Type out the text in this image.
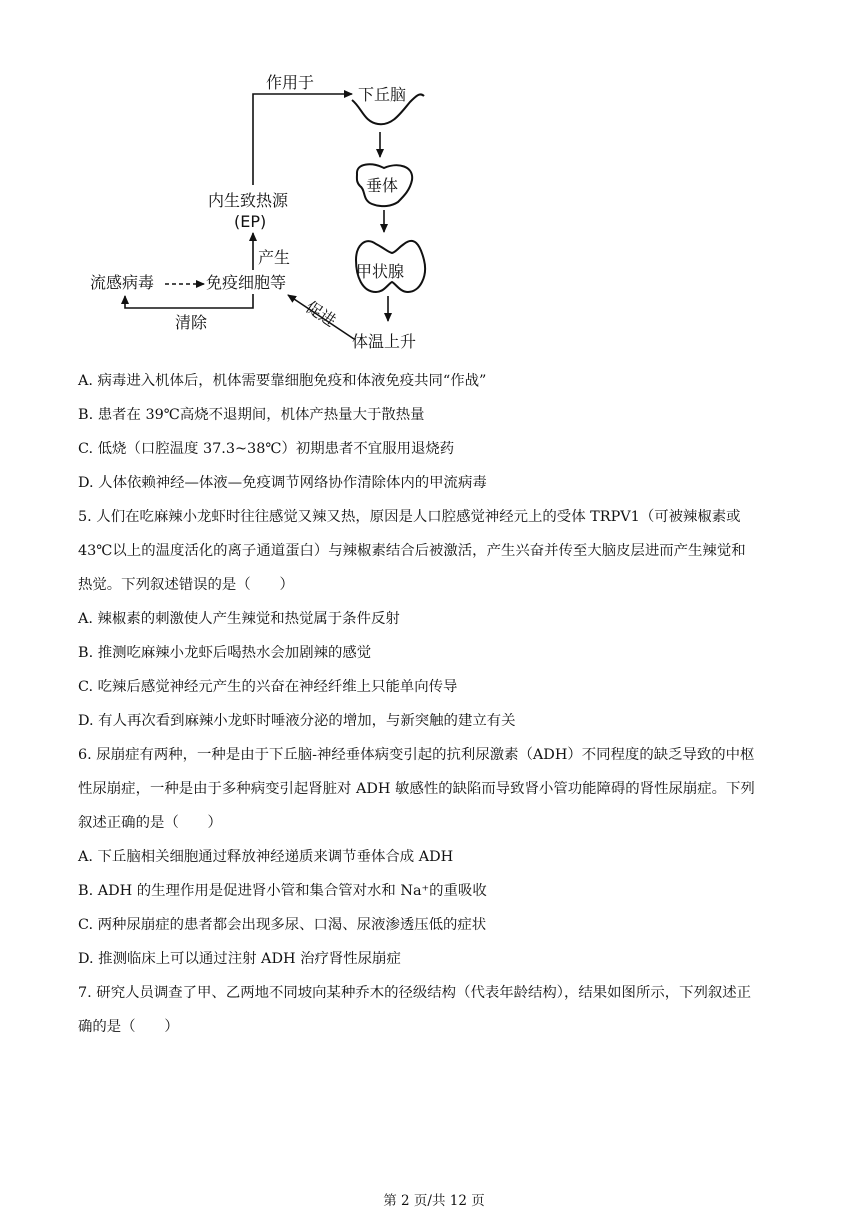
作用于
下丘脑
垂体
甲状腺
体温上升
促进
内生致热源
(EP)
产生
流感病毒	免疫细胞等
清除
A. 病毒进入机体后，机体需要靠细胞免疫和体液免疫共同“作战”
B. 患者在 39℃高烧不退期间，机体产热量大于散热量
C. 低烧（口腔温度 37.3~38℃）初期患者不宜服用退烧药
D. 人体依赖神经—体液—免疫调节网络协作清除体内的甲流病毒
5. 人们在吃麻辣小龙虾时往往感觉又辣又热，原因是人口腔感觉神经元上的受体 TRPV1（可被辣椒素或
43℃以上的温度活化的离子通道蛋白）与辣椒素结合后被激活，产生兴奋并传至大脑皮层进而产生辣觉和
热觉。下列叙述错误的是（　　）
A. 辣椒素的刺激使人产生辣觉和热觉属于条件反射
B. 推测吃麻辣小龙虾后喝热水会加剧辣的感觉
C. 吃辣后感觉神经元产生的兴奋在神经纤维上只能单向传导
D. 有人再次看到麻辣小龙虾时唾液分泌的增加，与新突触的建立有关
6. 尿崩症有两种，一种是由于下丘脑-神经垂体病变引起的抗利尿激素（ADH）不同程度的缺乏导致的中枢
性尿崩症，一种是由于多种病变引起肾脏对 ADH 敏感性的缺陷而导致肾小管功能障碍的肾性尿崩症。下列
叙述正确的是（　　）
A. 下丘脑相关细胞通过释放神经递质来调节垂体合成 ADH
B. ADH 的生理作用是促进肾小管和集合管对水和 Na⁺的重吸收
C. 两种尿崩症的患者都会出现多尿、口渴、尿液渗透压低的症状
D. 推测临床上可以通过注射 ADH 治疗肾性尿崩症
7. 研究人员调查了甲、乙两地不同坡向某种乔木的径级结构（代表年龄结构），结果如图所示，下列叙述正
确的是（　　）
第 2 页/共 12 页
